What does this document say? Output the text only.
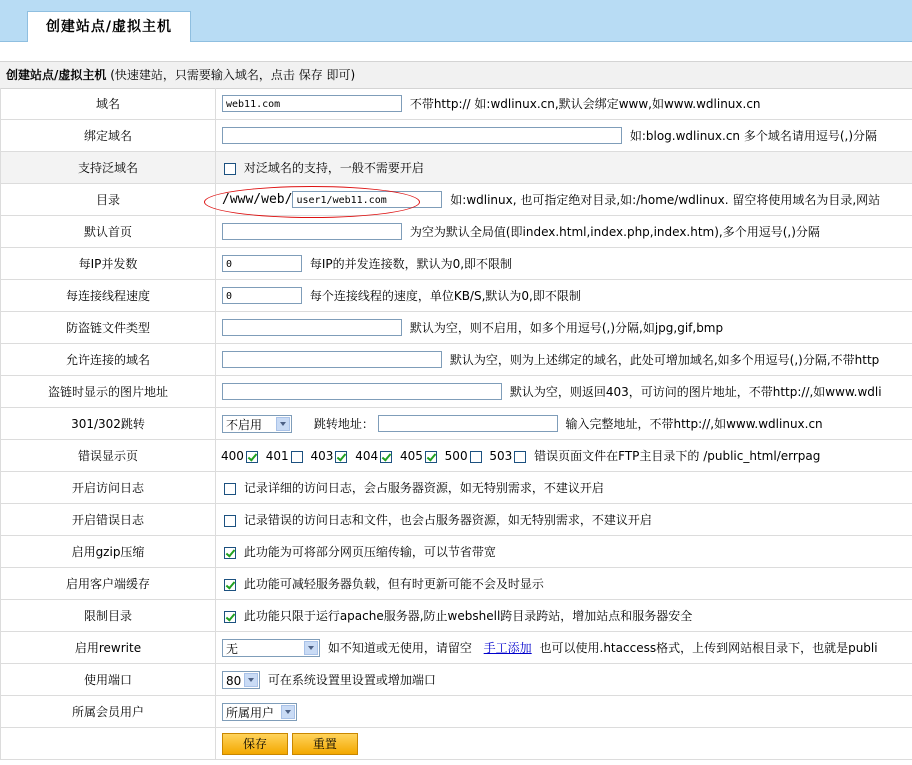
创建站点/虚拟主机
创建站点/虚拟主机 (快速建站，只需要输入域名，点击 保存 即可)
域名	web11.com 不带http:// 如:wdlinux.cn,默认会绑定www,如www.wdlinux.cn
绑定域名	如:blog.wdlinux.cn 多个域名请用逗号(,)分隔
支持泛域名	对泛域名的支持，一般不需要开启
目录	/www/web/ user1/web11.com 如:wdlinux, 也可指定绝对目录,如:/home/wdlinux. 留空将使用域名为目录,网站
默认首页	为空为默认全局值(即index.html,index.php,index.htm),多个用逗号(,)分隔
每IP并发数	0 每IP的并发连接数，默认为0,即不限制
每连接线程速度	0 每个连接线程的速度，单位KB/S,默认为0,即不限制
防盗链文件类型	默认为空，则不启用，如多个用逗号(,)分隔,如jpg,gif,bmp
允许连接的域名	默认为空，则为上述绑定的域名，此处可增加域名,如多个用逗号(,)分隔,不带http
盗链时显示的图片地址	默认为空，则返回403，可访问的图片地址，不带http://,如www.wdli
301/302跳转	不启用 跳转地址： 输入完整地址，不带http://,如www.wdlinux.cn
错误显示页	400 401 403 404 405 500 503 错误页面文件在FTP主目录下的 /public_html/errpag
开启访问日志	记录详细的访问日志，会占服务器资源，如无特别需求，不建议开启
开启错误日志	记录错误的访问日志和文件，也会占服务器资源，如无特别需求，不建议开启
启用gzip压缩	此功能为可将部分网页压缩传输，可以节省带宽
启用客户端缓存	此功能可减轻服务器负载，但有时更新可能不会及时显示
限制目录	此功能只限于运行apache服务器,防止webshell跨目录跨站，增加站点和服务器安全
启用rewrite	无 如不知道或无使用，请留空 手工添加 也可以使用.htaccess格式，上传到网站根目录下，也就是publi
使用端口	80 可在系统设置里设置或增加端口
所属会员用户	所属用户

	保存 重置
